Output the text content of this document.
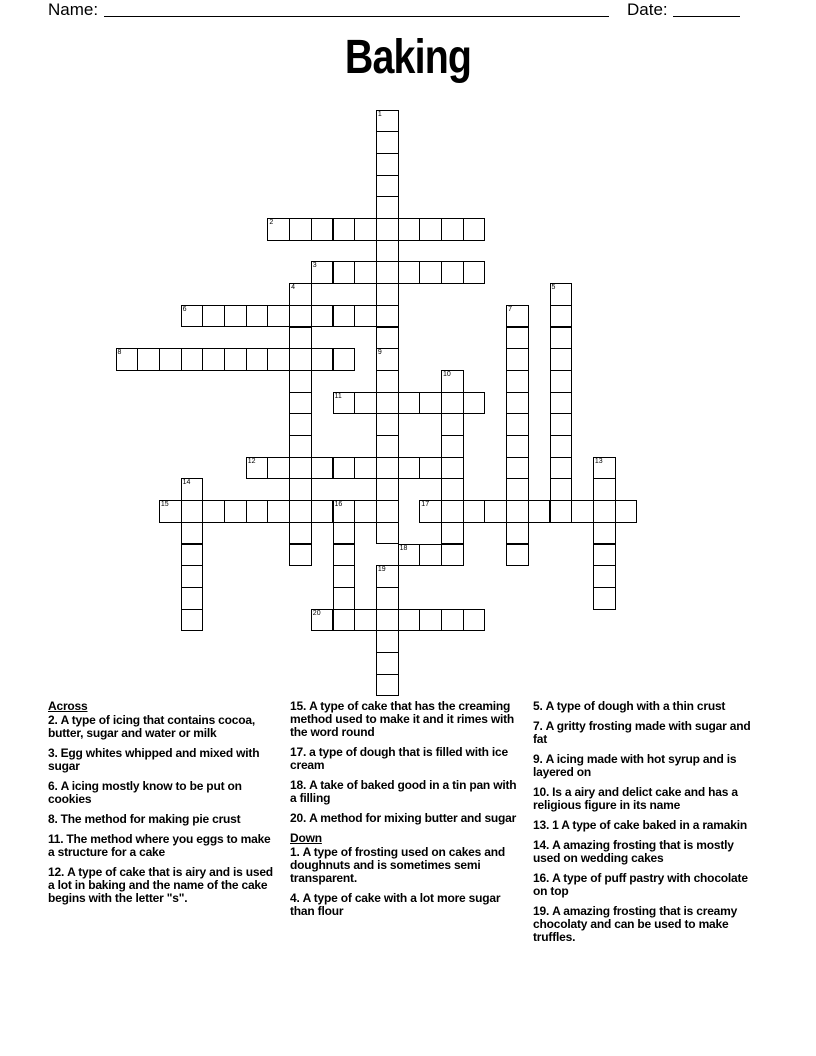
Name:	Date:
Baking
2
3
6
8
11
12
15	16	17
18
20
1
4	5
7
9
10
13
14
19
Across
2. A type of icing that contains cocoa, butter, sugar and water or milk
3. Egg whites whipped and mixed with sugar
6. A icing mostly know to be put on cookies
8. The method for making pie crust
11. The method where you eggs to make a structure for a cake
12. A type of cake that is airy and is used a lot in baking and the name of the cake begins with the letter "s".
15. A type of cake that has the creaming method used to make it and it rimes with the word round
17. a type of dough that is filled with ice cream
18. A take of baked good in a tin pan with a filling
20. A method for mixing butter and sugar
Down
1. A type of frosting used on cakes and doughnuts and is sometimes semi transparent.
4. A type of cake with a lot more sugar than flour
5. A type of dough with a thin crust
7. A gritty frosting made with sugar and fat
9. A icing made with hot syrup and is layered on
10. Is a airy and delict cake and has a religious figure in its name
13. 1 A type of cake baked in a ramakin
14. A amazing frosting that is mostly used on wedding cakes
16. A type of puff pastry with chocolate on top
19. A amazing frosting that is creamy chocolaty and can be used to make truffles.
